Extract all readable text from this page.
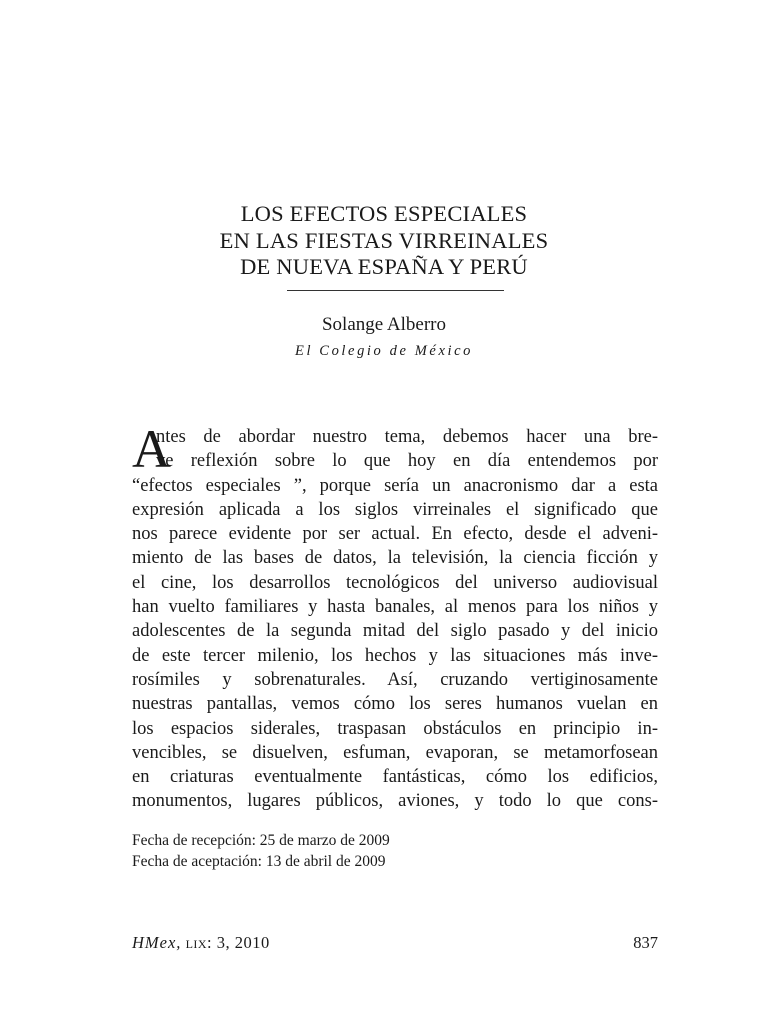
LOS EFECTOS ESPECIALES
EN LAS FIESTAS VIRREINALES
DE NUEVA ESPAÑA Y PERÚ
Solange Alberro
El Colegio de México
A
ntes de abordar nuestro tema, debemos hacer una bre-
ve reflexión sobre lo que hoy en día entendemos por
“efectos especiales ”, porque sería un anacronismo dar a esta
expresión aplicada a los siglos virreinales el significado que
nos parece evidente por ser actual. En efecto, desde el adveni-
miento de las bases de datos, la televisión, la ciencia ficción y
el cine, los desarrollos tecnológicos del universo audiovisual
han vuelto familiares y hasta banales, al menos para los niños y
adolescentes de la segunda mitad del siglo pasado y del inicio
de este tercer milenio, los hechos y las situaciones más inve-
rosímiles y sobrenaturales. Así, cruzando vertiginosamente
nuestras pantallas, vemos cómo los seres humanos vuelan en
los espacios siderales, traspasan obstáculos en principio in-
vencibles, se disuelven, esfuman, evaporan, se metamorfosean
en criaturas eventualmente fantásticas, cómo los edificios,
monumentos, lugares públicos, aviones, y todo lo que cons-
Fecha de recepción: 25 de marzo de 2009
Fecha de aceptación: 13 de abril de 2009
HMex, lix: 3, 2010	837
